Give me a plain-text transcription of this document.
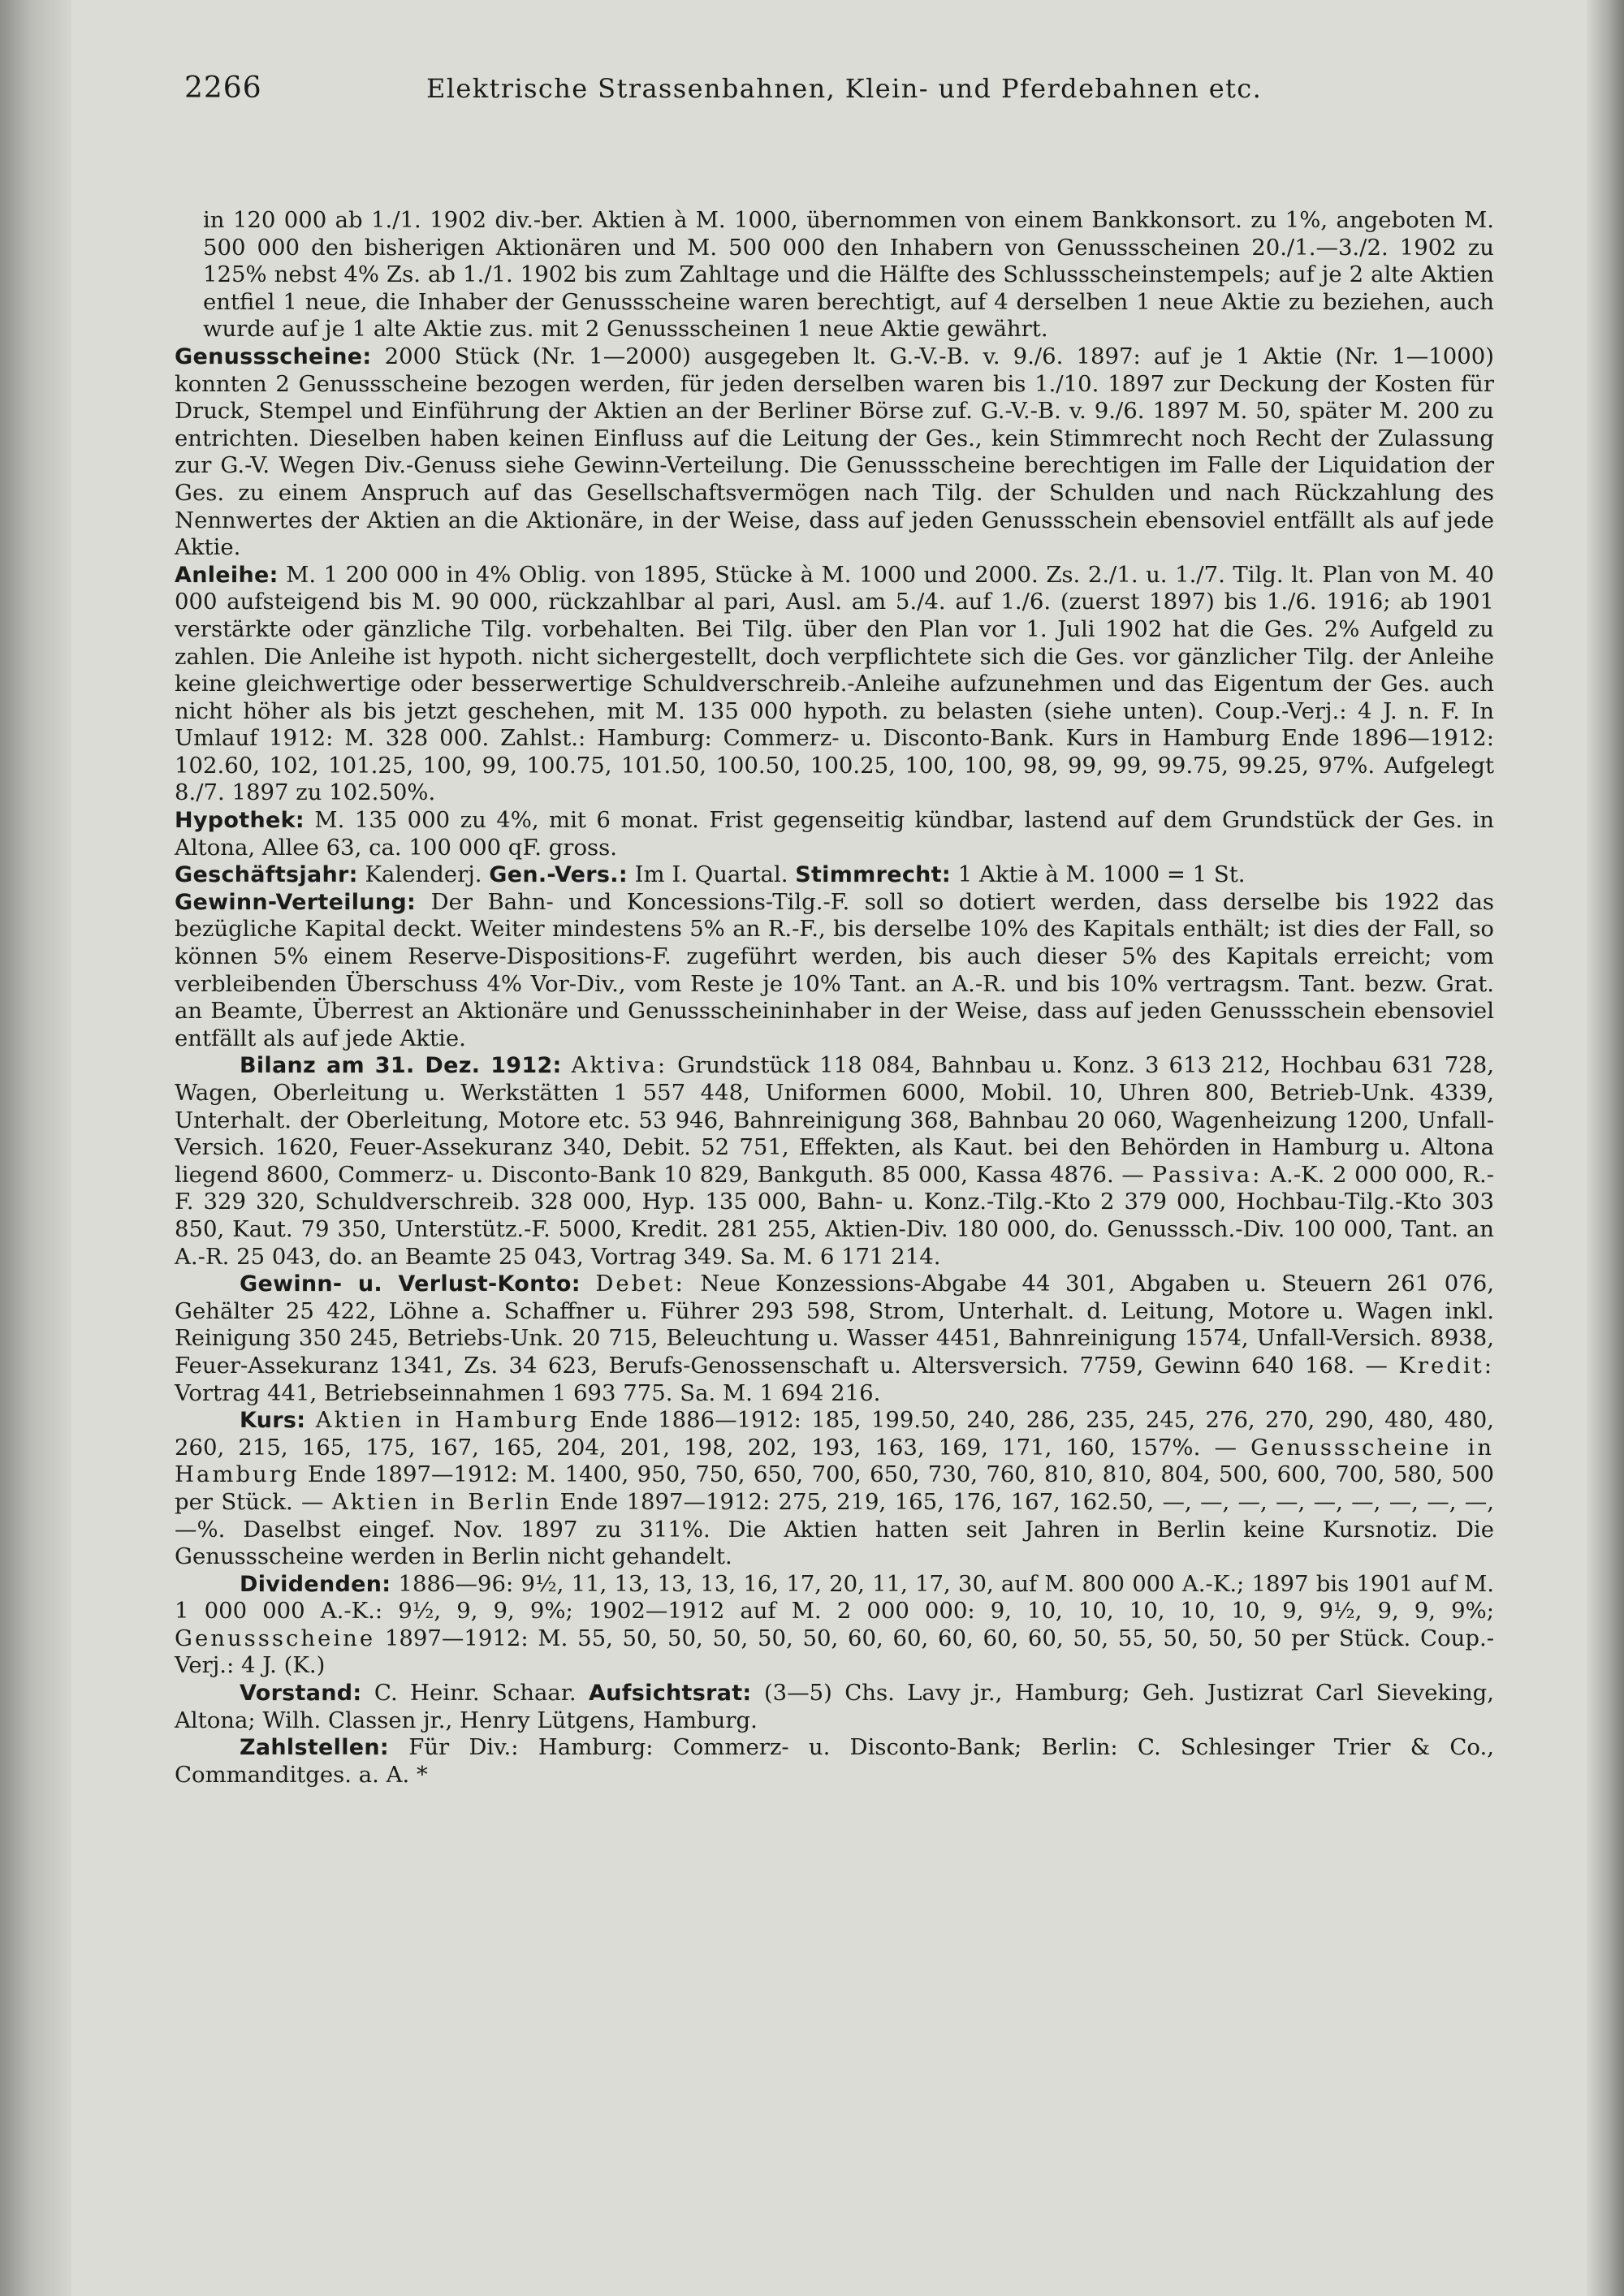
2266	Elektrische Strassenbahnen, Klein- und Pferdebahnen etc.

in 120 000 ab 1./1. 1902 div.-ber. Aktien à M. 1000, übernommen von einem Bankkonsort. zu 1%, angeboten M. 500 000 den bisherigen Aktionären und M. 500 000 den Inhabern von Genussscheinen 20./1.—3./2. 1902 zu 125% nebst 4% Zs. ab 1./1. 1902 bis zum Zahltage und die Hälfte des Schlussscheinstempels; auf je 2 alte Aktien entfiel 1 neue, die Inhaber der Genussscheine waren berechtigt, auf 4 derselben 1 neue Aktie zu beziehen, auch wurde auf je 1 alte Aktie zus. mit 2 Genussscheinen 1 neue Aktie gewährt.

Genussscheine: 2000 Stück (Nr. 1—2000) ausgegeben lt. G.-V.-B. v. 9./6. 1897: auf je 1 Aktie (Nr. 1—1000) konnten 2 Genussscheine bezogen werden, für jeden derselben waren bis 1./10. 1897 zur Deckung der Kosten für Druck, Stempel und Einführung der Aktien an der Berliner Börse zuf. G.-V.-B. v. 9./6. 1897 M. 50, später M. 200 zu entrichten. Dieselben haben keinen Einfluss auf die Leitung der Ges., kein Stimmrecht noch Recht der Zulassung zur G.-V. Wegen Div.-Genuss siehe Gewinn-Verteilung. Die Genussscheine berechtigen im Falle der Liquidation der Ges. zu einem Anspruch auf das Gesellschaftsvermögen nach Tilg. der Schulden und nach Rückzahlung des Nennwertes der Aktien an die Aktionäre, in der Weise, dass auf jeden Genussschein ebensoviel entfällt als auf jede Aktie.

Anleihe: M. 1 200 000 in 4% Oblig. von 1895, Stücke à M. 1000 und 2000. Zs. 2./1. u. 1./7. Tilg. lt. Plan von M. 40 000 aufsteigend bis M. 90 000, rückzahlbar al pari, Ausl. am 5./4. auf 1./6. (zuerst 1897) bis 1./6. 1916; ab 1901 verstärkte oder gänzliche Tilg. vorbehalten. Bei Tilg. über den Plan vor 1. Juli 1902 hat die Ges. 2% Aufgeld zu zahlen. Die Anleihe ist hypoth. nicht sichergestellt, doch verpflichtete sich die Ges. vor gänzlicher Tilg. der Anleihe keine gleichwertige oder besserwertige Schuldverschreib.-Anleihe aufzunehmen und das Eigentum der Ges. auch nicht höher als bis jetzt geschehen, mit M. 135 000 hypoth. zu belasten (siehe unten). Coup.-Verj.: 4 J. n. F. In Umlauf 1912: M. 328 000. Zahlst.: Hamburg: Commerz- u. Disconto-Bank. Kurs in Hamburg Ende 1896—1912: 102.60, 102, 101.25, 100, 99, 100.75, 101.50, 100.50, 100.25, 100, 100, 98, 99, 99, 99.75, 99.25, 97%. Aufgelegt 8./7. 1897 zu 102.50%.

Hypothek: M. 135 000 zu 4%, mit 6 monat. Frist gegenseitig kündbar, lastend auf dem Grundstück der Ges. in Altona, Allee 63, ca. 100 000 qF. gross.

Geschäftsjahr: Kalenderj. Gen.-Vers.: Im I. Quartal. Stimmrecht: 1 Aktie à M. 1000 = 1 St.

Gewinn-Verteilung: Der Bahn- und Koncessions-Tilg.-F. soll so dotiert werden, dass derselbe bis 1922 das bezügliche Kapital deckt. Weiter mindestens 5% an R.-F., bis derselbe 10% des Kapitals enthält; ist dies der Fall, so können 5% einem Reserve-Dispositions-F. zugeführt werden, bis auch dieser 5% des Kapitals erreicht; vom verbleibenden Überschuss 4% Vor-Div., vom Reste je 10% Tant. an A.-R. und bis 10% vertragsm. Tant. bezw. Grat. an Beamte, Überrest an Aktionäre und Genussscheininhaber in der Weise, dass auf jeden Genussschein ebensoviel entfällt als auf jede Aktie.

Bilanz am 31. Dez. 1912: Aktiva: Grundstück 118 084, Bahnbau u. Konz. 3 613 212, Hochbau 631 728, Wagen, Oberleitung u. Werkstätten 1 557 448, Uniformen 6000, Mobil. 10, Uhren 800, Betrieb-Unk. 4339, Unterhalt. der Oberleitung, Motore etc. 53 946, Bahnreinigung 368, Bahnbau 20 060, Wagenheizung 1200, Unfall-Versich. 1620, Feuer-Assekuranz 340, Debit. 52 751, Effekten, als Kaut. bei den Behörden in Hamburg u. Altona liegend 8600, Commerz- u. Disconto-Bank 10 829, Bankguth. 85 000, Kassa 4876. — Passiva: A.-K. 2 000 000, R.-F. 329 320, Schuldverschreib. 328 000, Hyp. 135 000, Bahn- u. Konz.-Tilg.-Kto 2 379 000, Hochbau-Tilg.-Kto 303 850, Kaut. 79 350, Unterstütz.-F. 5000, Kredit. 281 255, Aktien-Div. 180 000, do. Genusssch.-Div. 100 000, Tant. an A.-R. 25 043, do. an Beamte 25 043, Vortrag 349. Sa. M. 6 171 214.

Gewinn- u. Verlust-Konto: Debet: Neue Konzessions-Abgabe 44 301, Abgaben u. Steuern 261 076, Gehälter 25 422, Löhne a. Schaffner u. Führer 293 598, Strom, Unterhalt. d. Leitung, Motore u. Wagen inkl. Reinigung 350 245, Betriebs-Unk. 20 715, Beleuchtung u. Wasser 4451, Bahnreinigung 1574, Unfall-Versich. 8938, Feuer-Assekuranz 1341, Zs. 34 623, Berufs-Genossenschaft u. Altersversich. 7759, Gewinn 640 168. — Kredit: Vortrag 441, Betriebseinnahmen 1 693 775. Sa. M. 1 694 216.

Kurs: Aktien in Hamburg Ende 1886—1912: 185, 199.50, 240, 286, 235, 245, 276, 270, 290, 480, 480, 260, 215, 165, 175, 167, 165, 204, 201, 198, 202, 193, 163, 169, 171, 160, 157%. — Genussscheine in Hamburg Ende 1897—1912: M. 1400, 950, 750, 650, 700, 650, 730, 760, 810, 810, 804, 500, 600, 700, 580, 500 per Stück. — Aktien in Berlin Ende 1897—1912: 275, 219, 165, 176, 167, 162.50, —, —, —, —, —, —, —, —, —, —%. Daselbst eingef. Nov. 1897 zu 311%. Die Aktien hatten seit Jahren in Berlin keine Kursnotiz. Die Genussscheine werden in Berlin nicht gehandelt.

Dividenden: 1886—96: 9½, 11, 13, 13, 13, 16, 17, 20, 11, 17, 30, auf M. 800 000 A.-K.; 1897 bis 1901 auf M. 1 000 000 A.-K.: 9½, 9, 9, 9%; 1902—1912 auf M. 2 000 000: 9, 10, 10, 10, 10, 10, 9, 9½, 9, 9, 9%; Genussscheine 1897—1912: M. 55, 50, 50, 50, 50, 50, 60, 60, 60, 60, 60, 50, 55, 50, 50, 50 per Stück. Coup.-Verj.: 4 J. (K.)

Vorstand: C. Heinr. Schaar. Aufsichtsrat: (3—5) Chs. Lavy jr., Hamburg; Geh. Justizrat Carl Sieveking, Altona; Wilh. Classen jr., Henry Lütgens, Hamburg.

Zahlstellen: Für Div.: Hamburg: Commerz- u. Disconto-Bank; Berlin: C. Schlesinger Trier & Co., Commanditges. a. A. *
